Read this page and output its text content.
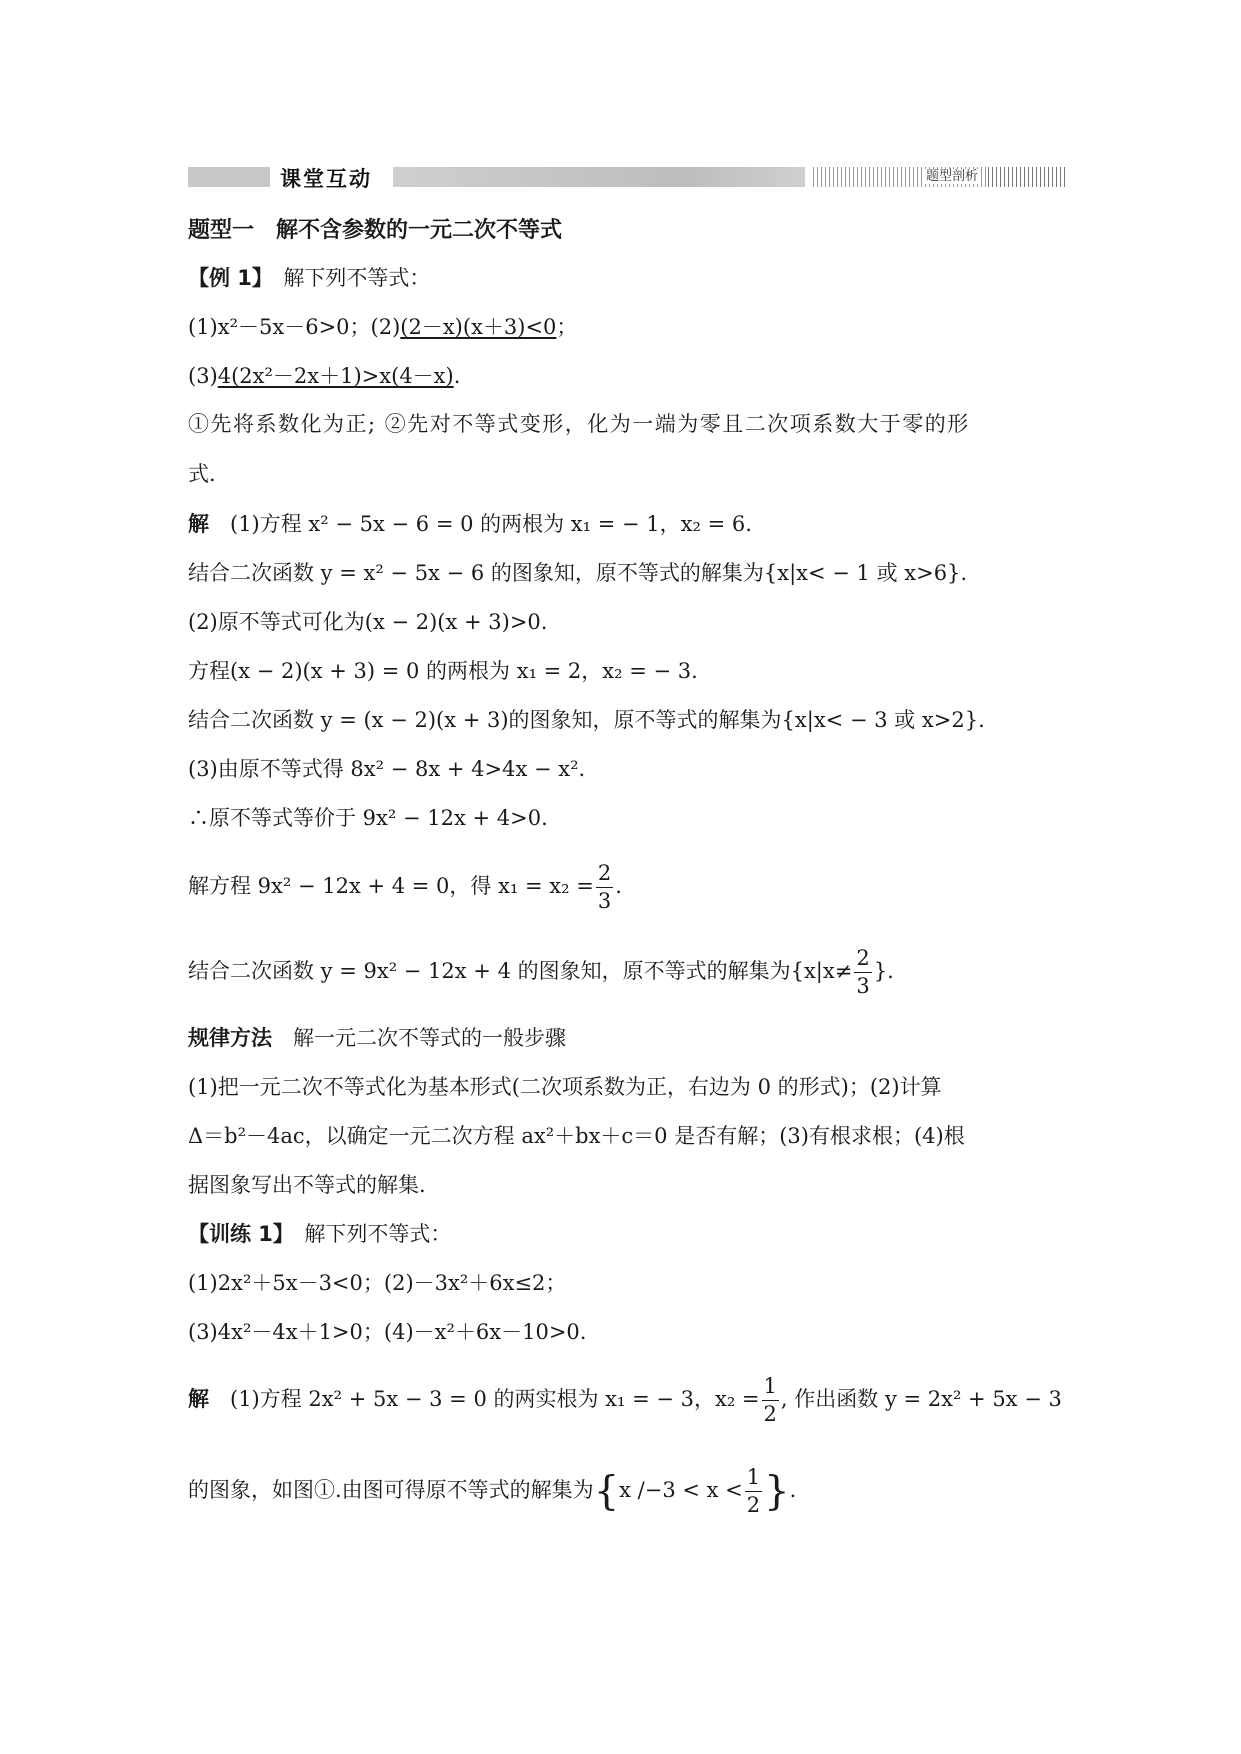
课堂互动	题型剖析
题型一　解不含参数的一元二次不等式
【例 1】　解下列不等式：
(1)x²－5x－6>0；(2)(2－x)(x＋3)<0；
(3)4(2x²－2x＋1)>x(4－x).
①先将系数化为正; ②先对不等式变形，化为一端为零且二次项系数大于零的形
式.
解　(1)方程 x² − 5x − 6 = 0 的两根为 x₁ = − 1，x₂ = 6.
结合二次函数 y = x² − 5x − 6 的图象知，原不等式的解集为{x|x< − 1 或 x>6}.
(2)原不等式可化为(x − 2)(x + 3)>0.
方程(x − 2)(x + 3) = 0 的两根为 x₁ = 2，x₂ = − 3.
结合二次函数 y = (x − 2)(x + 3)的图象知，原不等式的解集为{x|x< − 3 或 x>2}.
(3)由原不等式得 8x² − 8x + 4>4x − x².
∴原不等式等价于 9x² − 12x + 4>0.
解方程 9x² − 12x + 4 = 0，得 $x_1 = x_2 = \frac{2}{3}$ .
结合二次函数 y = 9x² − 12x + 4 的图象知，原不等式的解集为{$x|x\ne \frac{2}{3}$ }.
规律方法　解一元二次不等式的一般步骤
(1)把一元二次不等式化为基本形式(二次项系数为正，右边为 0 的形式)；(2)计算
Δ＝b²－4ac，以确定一元二次方程 ax²＋bx＋c＝0 是否有解；(3)有根求根；(4)根
据图象写出不等式的解集.
【训练 1】　解下列不等式：
(1)2x²＋5x－3<0；(2)－3x²＋6x≤2；
(3)4x²－4x＋1>0；(4)－x²＋6x－10>0.
解　(1)方程 2x² + 5x − 3 = 0 的两实根为 x₁ = − 3，$x_2 = \frac{1}{2}$ , 作出函数 y = 2x² + 5x − 3
的图象，如图①.由图可得原不等式的解集为{x $/-3 < x < \frac{1}{2}$ }.
